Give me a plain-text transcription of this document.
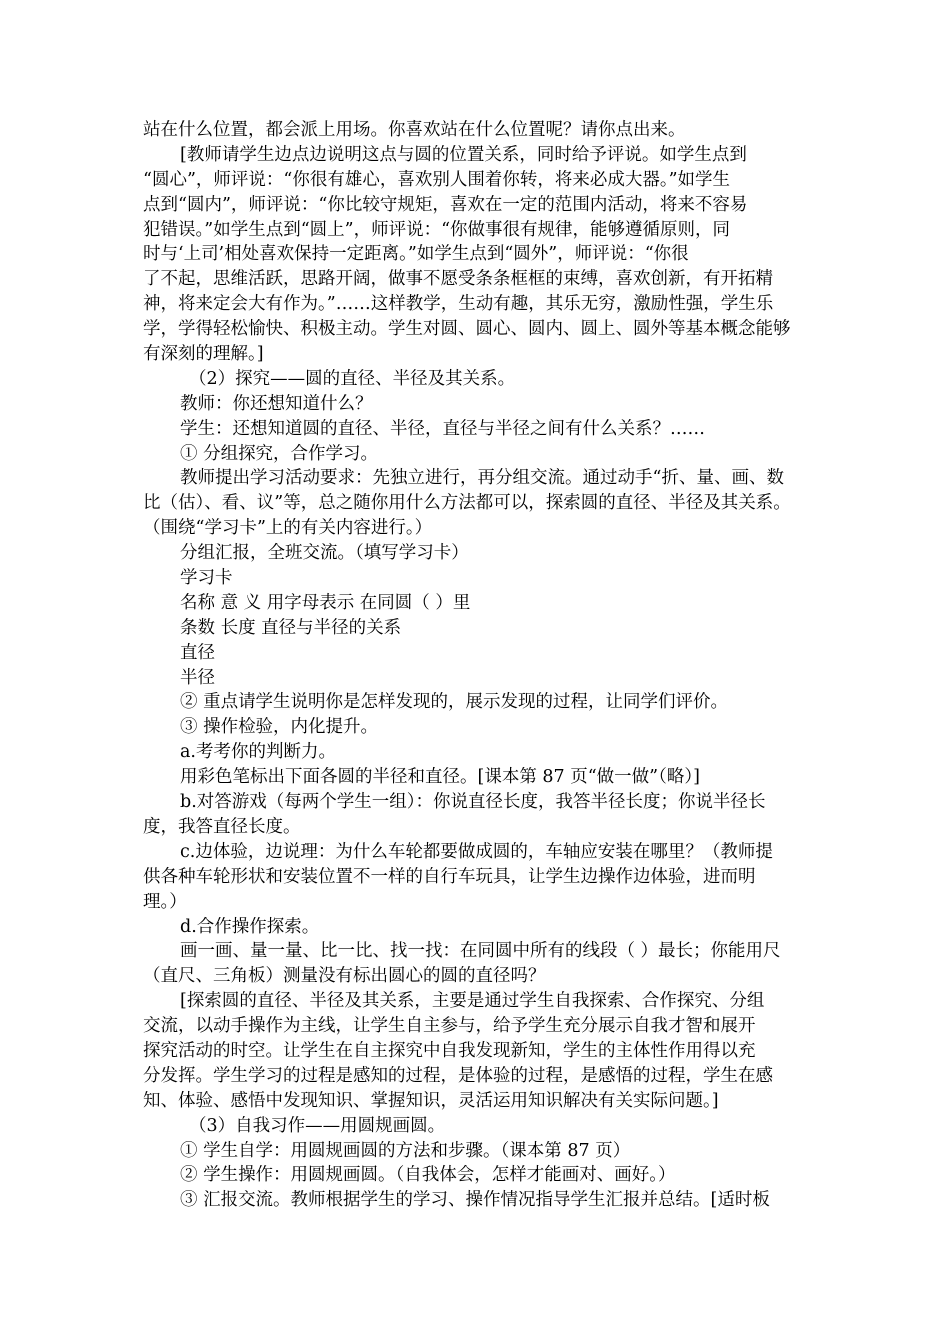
站在什么位置，都会派上用场。你喜欢站在什么位置呢？请你点出来。
[教师请学生边点边说明这点与圆的位置关系，同时给予评说。如学生点到
“圆心”，师评说：“你很有雄心，喜欢别人围着你转，将来必成大器。”如学生
点到“圆内”，师评说：“你比较守规矩，喜欢在一定的范围内活动，将来不容易
犯错误。”如学生点到“圆上”，师评说：“你做事很有规律，能够遵循原则，同
时与‘上司’相处喜欢保持一定距离。”如学生点到“圆外”，师评说：“你很
了不起，思维活跃，思路开阔，做事不愿受条条框框的束缚，喜欢创新，有开拓精
神，将来定会大有作为。”……这样教学，生动有趣，其乐无穷，激励性强，学生乐
学，学得轻松愉快、积极主动。学生对圆、圆心、圆内、圆上、圆外等基本概念能够
有深刻的理解。]
（2）探究——圆的直径、半径及其关系。
教师：你还想知道什么？
学生：还想知道圆的直径、半径，直径与半径之间有什么关系？……
① 分组探究，合作学习。
教师提出学习活动要求：先独立进行，再分组交流。通过动手“折、量、画、数
比（估）、看、议”等，总之随你用什么方法都可以，探索圆的直径、半径及其关系。
（围绕“学习卡”上的有关内容进行。）
分组汇报，全班交流。（填写学习卡）
学习卡
名称 意 义 用字母表示 在同圆（ ）里
条数 长度 直径与半径的关系
直径
半径
② 重点请学生说明你是怎样发现的，展示发现的过程，让同学们评价。
③ 操作检验，内化提升。
a.考考你的判断力。
用彩色笔标出下面各圆的半径和直径。[课本第 87 页“做一做”（略）]
b.对答游戏（每两个学生一组）：你说直径长度，我答半径长度；你说半径长
度，我答直径长度。
c.边体验，边说理：为什么车轮都要做成圆的，车轴应安装在哪里？（教师提
供各种车轮形状和安装位置不一样的自行车玩具，让学生边操作边体验，进而明
理。）
d.合作操作探索。
画一画、量一量、比一比、找一找：在同圆中所有的线段（ ）最长；你能用尺
（直尺、三角板）测量没有标出圆心的圆的直径吗？
[探索圆的直径、半径及其关系，主要是通过学生自我探索、合作探究、分组
交流，以动手操作为主线，让学生自主参与，给予学生充分展示自我才智和展开
探究活动的时空。让学生在自主探究中自我发现新知，学生的主体性作用得以充
分发挥。学生学习的过程是感知的过程，是体验的过程，是感悟的过程，学生在感
知、体验、感悟中发现知识、掌握知识，灵活运用知识解决有关实际问题。]
（3）自我习作——用圆规画圆。
① 学生自学：用圆规画圆的方法和步骤。（课本第 87 页）
② 学生操作：用圆规画圆。（自我体会，怎样才能画对、画好。）
③ 汇报交流。教师根据学生的学习、操作情况指导学生汇报并总结。[适时板
